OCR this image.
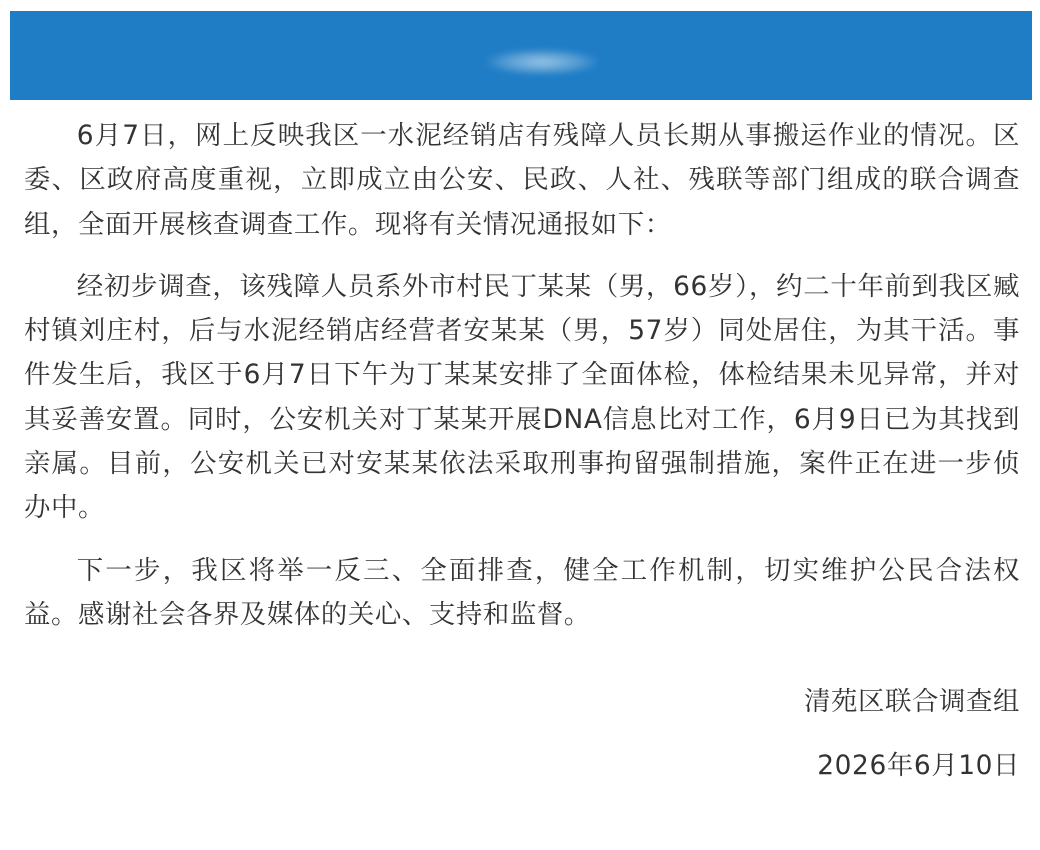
6月7日，网上反映我区一水泥经销店有残障人员长期从事搬运作业的情况。区委、区政府高度重视，立即成立由公安、民政、人社、残联等部门组成的联合调查组，全面开展核查调查工作。现将有关情况通报如下：

经初步调查，该残障人员系外市村民丁某某（男，66岁），约二十年前到我区臧村镇刘庄村，后与水泥经销店经营者安某某（男，57岁）同处居住，为其干活。事件发生后，我区于6月7日下午为丁某某安排了全面体检，体检结果未见异常，并对其妥善安置。同时，公安机关对丁某某开展DNA信息比对工作，6月9日已为其找到亲属。目前，公安机关已对安某某依法采取刑事拘留强制措施，案件正在进一步侦办中。

下一步，我区将举一反三、全面排查，健全工作机制，切实维护公民合法权益。感谢社会各界及媒体的关心、支持和监督。

清苑区联合调查组
2026年6月10日
